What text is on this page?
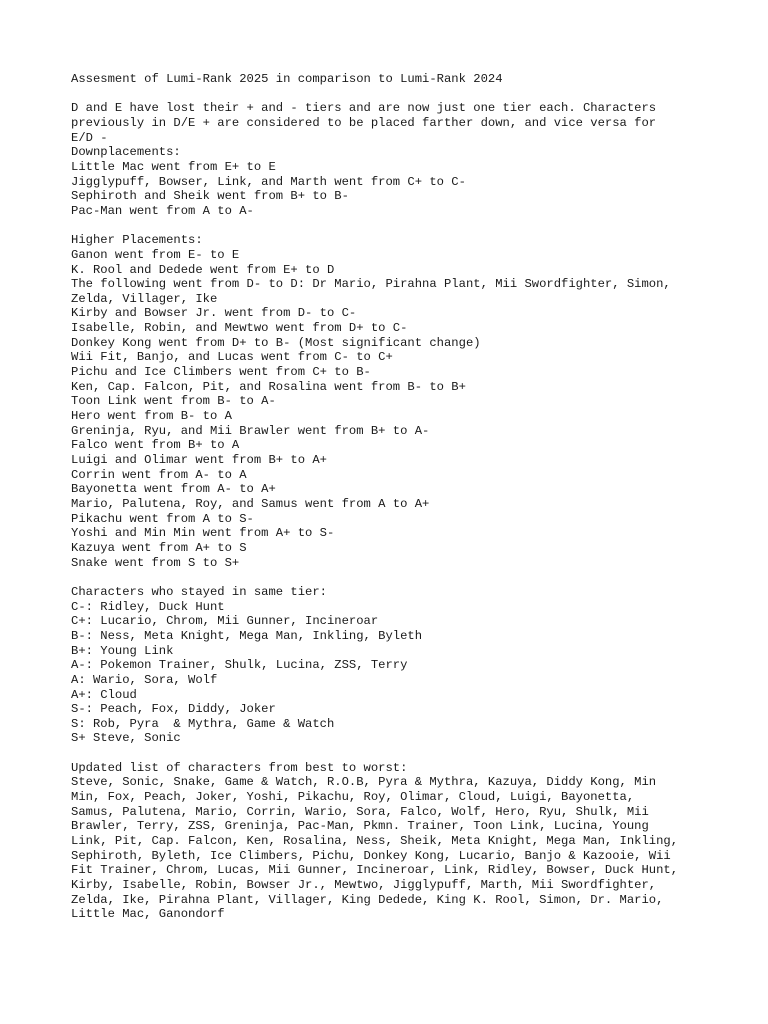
Assesment of Lumi-Rank 2025 in comparison to Lumi-Rank 2024
D and E have lost their + and - tiers and are now just one tier each. Characters
previously in D/E + are considered to be placed farther down, and vice versa for
E/D -
Downplacements:
Little Mac went from E+ to E
Jigglypuff, Bowser, Link, and Marth went from C+ to C-
Sephiroth and Sheik went from B+ to B-
Pac-Man went from A to A-
Higher Placements:
Ganon went from E- to E
K. Rool and Dedede went from E+ to D
The following went from D- to D: Dr Mario, Pirahna Plant, Mii Swordfighter, Simon,
Zelda, Villager, Ike
Kirby and Bowser Jr. went from D- to C-
Isabelle, Robin, and Mewtwo went from D+ to C-
Donkey Kong went from D+ to B- (Most significant change)
Wii Fit, Banjo, and Lucas went from C- to C+
Pichu and Ice Climbers went from C+ to B-
Ken, Cap. Falcon, Pit, and Rosalina went from B- to B+
Toon Link went from B- to A-
Hero went from B- to A
Greninja, Ryu, and Mii Brawler went from B+ to A-
Falco went from B+ to A
Luigi and Olimar went from B+ to A+
Corrin went from A- to A
Bayonetta went from A- to A+
Mario, Palutena, Roy, and Samus went from A to A+
Pikachu went from A to S-
Yoshi and Min Min went from A+ to S-
Kazuya went from A+ to S
Snake went from S to S+
Characters who stayed in same tier:
C-: Ridley, Duck Hunt
C+: Lucario, Chrom, Mii Gunner, Incineroar
B-: Ness, Meta Knight, Mega Man, Inkling, Byleth
B+: Young Link
A-: Pokemon Trainer, Shulk, Lucina, ZSS, Terry
A: Wario, Sora, Wolf
A+: Cloud
S-: Peach, Fox, Diddy, Joker
S: Rob, Pyra  & Mythra, Game & Watch
S+ Steve, Sonic
Updated list of characters from best to worst:
Steve, Sonic, Snake, Game & Watch, R.O.B, Pyra & Mythra, Kazuya, Diddy Kong, Min
Min, Fox, Peach, Joker, Yoshi, Pikachu, Roy, Olimar, Cloud, Luigi, Bayonetta,
Samus, Palutena, Mario, Corrin, Wario, Sora, Falco, Wolf, Hero, Ryu, Shulk, Mii
Brawler, Terry, ZSS, Greninja, Pac-Man, Pkmn. Trainer, Toon Link, Lucina, Young
Link, Pit, Cap. Falcon, Ken, Rosalina, Ness, Sheik, Meta Knight, Mega Man, Inkling,
Sephiroth, Byleth, Ice Climbers, Pichu, Donkey Kong, Lucario, Banjo & Kazooie, Wii
Fit Trainer, Chrom, Lucas, Mii Gunner, Incineroar, Link, Ridley, Bowser, Duck Hunt,
Kirby, Isabelle, Robin, Bowser Jr., Mewtwo, Jigglypuff, Marth, Mii Swordfighter,
Zelda, Ike, Pirahna Plant, Villager, King Dedede, King K. Rool, Simon, Dr. Mario,
Little Mac, Ganondorf
